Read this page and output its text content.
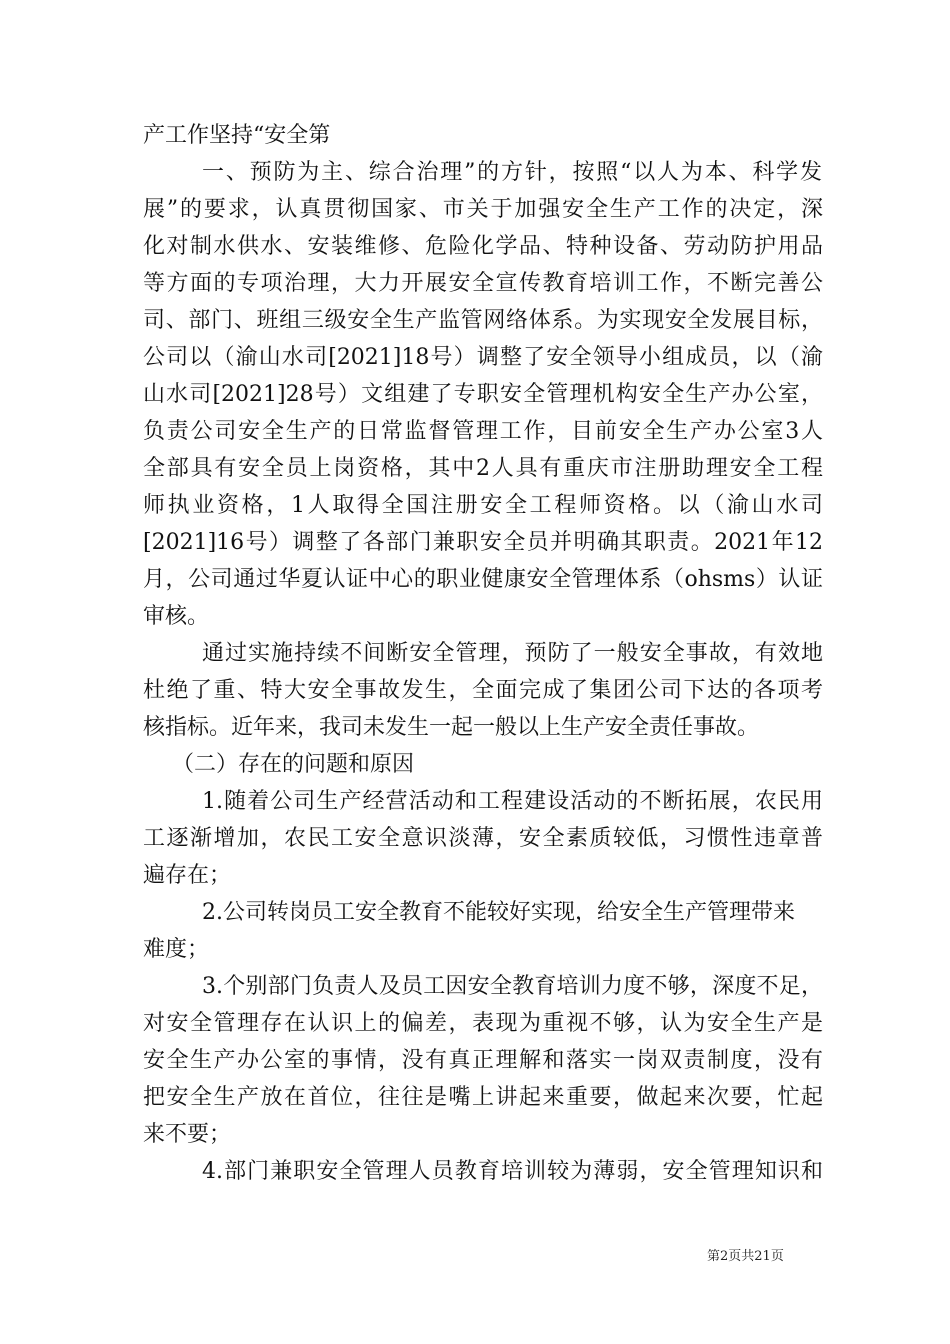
产工作坚持“安全第
一、预防为主、综合治理”的方针，按照“以人为本、科学发
展”的要求，认真贯彻国家、市关于加强安全生产工作的决定，深
化对制水供水、安装维修、危险化学品、特种设备、劳动防护用品
等方面的专项治理，大力开展安全宣传教育培训工作，不断完善公
司、部门、班组三级安全生产监管网络体系。为实现安全发展目标，
公司以（渝山水司[2021]18号）调整了安全领导小组成员，以（渝
山水司[2021]28号）文组建了专职安全管理机构安全生产办公室，
负责公司安全生产的日常监督管理工作，目前安全生产办公室3人
全部具有安全员上岗资格，其中2人具有重庆市注册助理安全工程
师执业资格，1人取得全国注册安全工程师资格。以（渝山水司
[2021]16号）调整了各部门兼职安全员并明确其职责。2021年12
月，公司通过华夏认证中心的职业健康安全管理体系（ohsms）认证
审核。
通过实施持续不间断安全管理，预防了一般安全事故，有效地
杜绝了重、特大安全事故发生，全面完成了集团公司下达的各项考
核指标。近年来，我司未发生一起一般以上生产安全责任事故。
（二）存在的问题和原因
1.随着公司生产经营活动和工程建设活动的不断拓展，农民用
工逐渐增加，农民工安全意识淡薄，安全素质较低，习惯性违章普
遍存在；
2.公司转岗员工安全教育不能较好实现，给安全生产管理带来
难度；
3.个别部门负责人及员工因安全教育培训力度不够，深度不足，
对安全管理存在认识上的偏差，表现为重视不够，认为安全生产是
安全生产办公室的事情，没有真正理解和落实一岗双责制度，没有
把安全生产放在首位，往往是嘴上讲起来重要，做起来次要，忙起
来不要；
4.部门兼职安全管理人员教育培训较为薄弱，安全管理知识和
第2页共21页
